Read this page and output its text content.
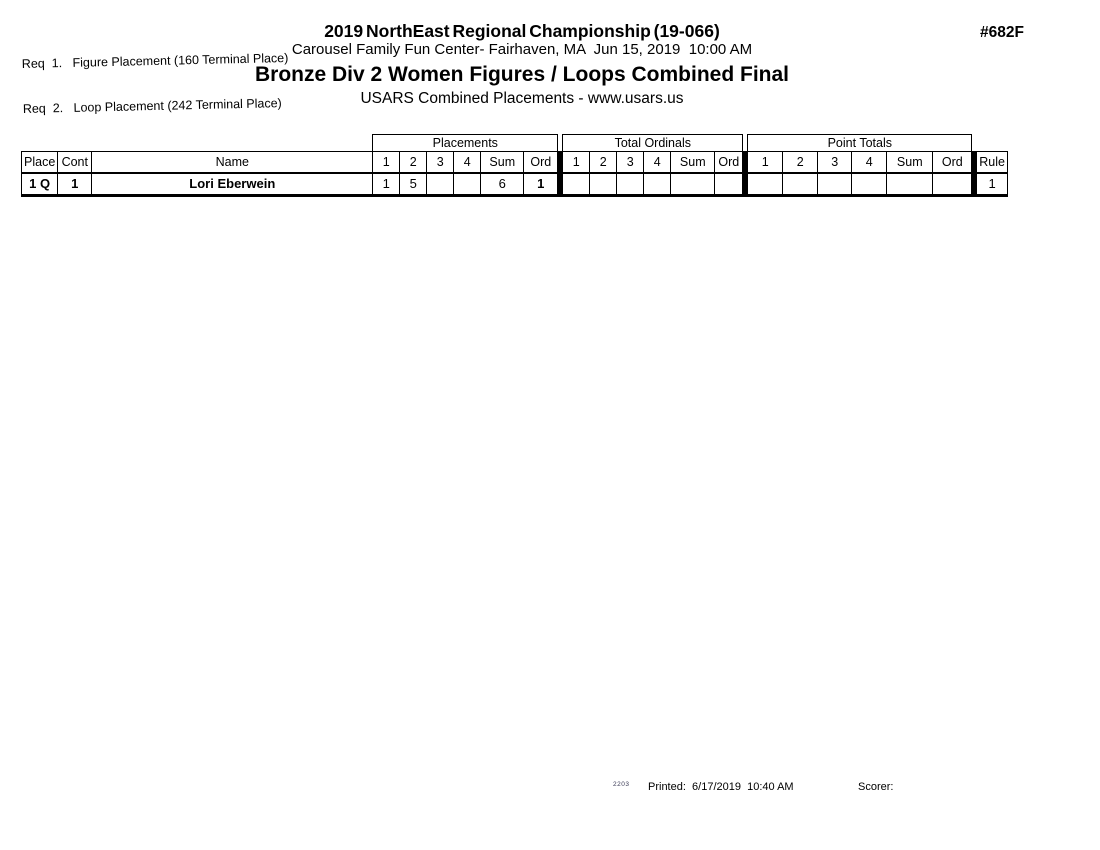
Req  1.   Figure Placement (160 Terminal Place)

Req  2.   Loop Placement (242 Terminal Place)

2019 NorthEast Regional Championship (19-066)
Carousel Family Fun Center- Fairhaven, MA  Jun 15, 2019  10:00 AM
Bronze Div 2 Women Figures / Loops Combined Final
USARS Combined Placements - www.usars.us
#682F
			Placements							Total Ordinals							Point Totals							
Place	Cont	Name	1	2	3	4	Sum	Ord		1	2	3	4	Sum	Ord		1	2	3	4	Sum	Ord		Rule
1 Q	1	Lori Eberwein	1	5			6	1																1
2203 Printed: 6/17/2019  10:40 AM	Scorer:
